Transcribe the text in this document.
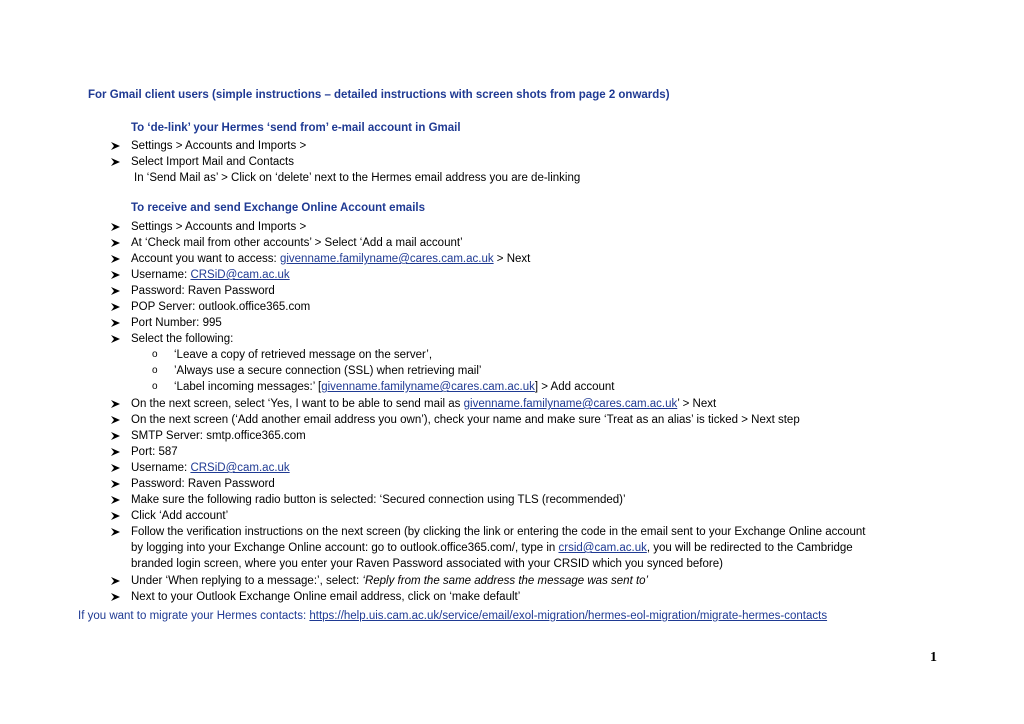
For Gmail client users (simple instructions – detailed instructions with screen shots from page 2 onwards)
To ‘de-link’ your Hermes ‘send from’ e-mail account in Gmail
Settings > Accounts and Imports >
Select Import Mail and Contacts
In ‘Send Mail as’ > Click on ‘delete’ next to the Hermes email address you are de-linking
To receive and send Exchange Online Account emails
Settings > Accounts and Imports >
At ‘Check mail from other accounts’ > Select ‘Add a mail account’
Account you want to access: givenname.familyname@cares.cam.ac.uk > Next
Username: CRSiD@cam.ac.uk
Password: Raven Password
POP Server: outlook.office365.com
Port Number: 995
Select the following:
o ‘Leave a copy of retrieved message on the server’,
o ’Always use a secure connection (SSL) when retrieving mail’
o ‘Label incoming messages:’ [givenname.familyname@cares.cam.ac.uk] > Add account
On the next screen, select ‘Yes, I want to be able to send mail as givenname.familyname@cares.cam.ac.uk’ > Next
On the next screen (‘Add another email address you own’), check your name and make sure ‘Treat as an alias’ is ticked > Next step
SMTP Server: smtp.office365.com
Port: 587
Username: CRSiD@cam.ac.uk
Password: Raven Password
Make sure the following radio button is selected: ‘Secured connection using TLS (recommended)’
Click ‘Add account’
Follow the verification instructions on the next screen (by clicking the link or entering the code in the email sent to your Exchange Online account
by logging into your Exchange Online account: go to outlook.office365.com/, type in crsid@cam.ac.uk, you will be redirected to the Cambridge
branded login screen, where you enter your Raven Password associated with your CRSID which you synced before)
Under ‘When replying to a message:’, select: ‘Reply from the same address the message was sent to’
Next to your Outlook Exchange Online email address, click on ‘make default’
If you want to migrate your Hermes contacts: https://help.uis.cam.ac.uk/service/email/exol-migration/hermes-eol-migration/migrate-hermes-contacts
1
